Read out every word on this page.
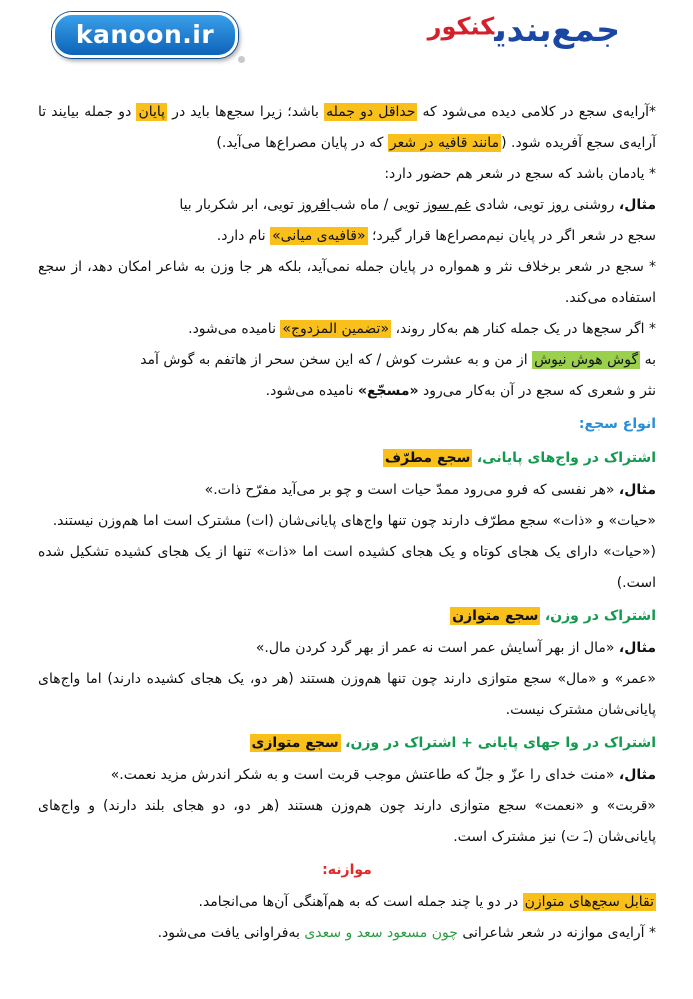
kanoon.ir	جمع‌بندیکنکور

*آرایه‌ی سجع در کلامی دیده می‌شود که حداقل دو جمله باشد؛ زیرا سجع‌ها باید در پایان دو جمله بیایند تا آرایه‌ی سجع آفریده شود. (مانند قافیه در شعر که در پایان مصراع‌ها می‌آید.)

* یادمان باشد که سجع در شعر هم حضور دارد:

مثال، روشنی روز تویی، شادی غم سوز تویی / ماه شب‌افروز تویی، ابر شکربار بیا

سجع در شعر اگر در پایان نیم‌مصراع‌ها قرار گیرد؛ «قافیه‌ی میانی» نام دارد.

* سجع در شعر برخلاف نثر و همواره در پایان جمله نمی‌آید، بلکه هر جا وزن به شاعر امکان دهد، از سجع استفاده می‌کند.

* اگر سجع‌ها در یک جمله کنار هم به‌کار روند، «تضمین المزدوج» نامیده می‌شود.

به گوش هوش نیوش از من و به عشرت کوش / که این سخن سحر از هاتفم به گوش آمد

نثر و شعری که سجع در آن به‌کار می‌رود «مسجّع» نامیده می‌شود.

انواع سجع:

اشتراک در واج‌های پایانی، سجع مطرّف

مثال، «هر نفسی که فرو می‌رود ممدّ حیات است و چو بر می‌آید مفرّح ذات.»

«حیات» و «ذات» سجع مطرّف دارند چون تنها واج‌های پایانی‌شان (ات) مشترک است اما هم‌وزن نیستند.

(«حیات» دارای یک هجای کوتاه و یک هجای کشیده است اما «ذات» تنها از یک هجای کشیده تشکیل شده است.)

اشتراک در وزن، سجع متوازن

مثال، «مال از بهر آسایش عمر است نه عمر از بهر گرد کردن مال.»

«عمر» و «مال» سجع متوازی دارند چون تنها هم‌وزن هستند (هر دو، یک هجای کشیده دارند) اما واج‌های پایانی‌شان مشترک نیست.

اشتراک در وا جهای پایانی + اشتراک در وزن، سجع متوازی

مثال، «منت خدای را عزّ و جلّ که طاعتش موجب قربت است و به شکر اندرش مزید نعمت.»

«قربت» و «نعمت» سجع متوازی دارند چون هم‌وزن هستند (هر دو، دو هجای بلند دارند) و واج‌های پایانی‌شان (ـَ ت) نیز مشترک است.

موازنه:

تقابل سجع‌های متوازن در دو یا چند جمله است که به هم‌آهنگی آن‌ها می‌انجامد.

* آرایه‌ی موازنه در شعر شاعرانی چون مسعود سعد و سعدی به‌فراوانی یافت می‌شود.
